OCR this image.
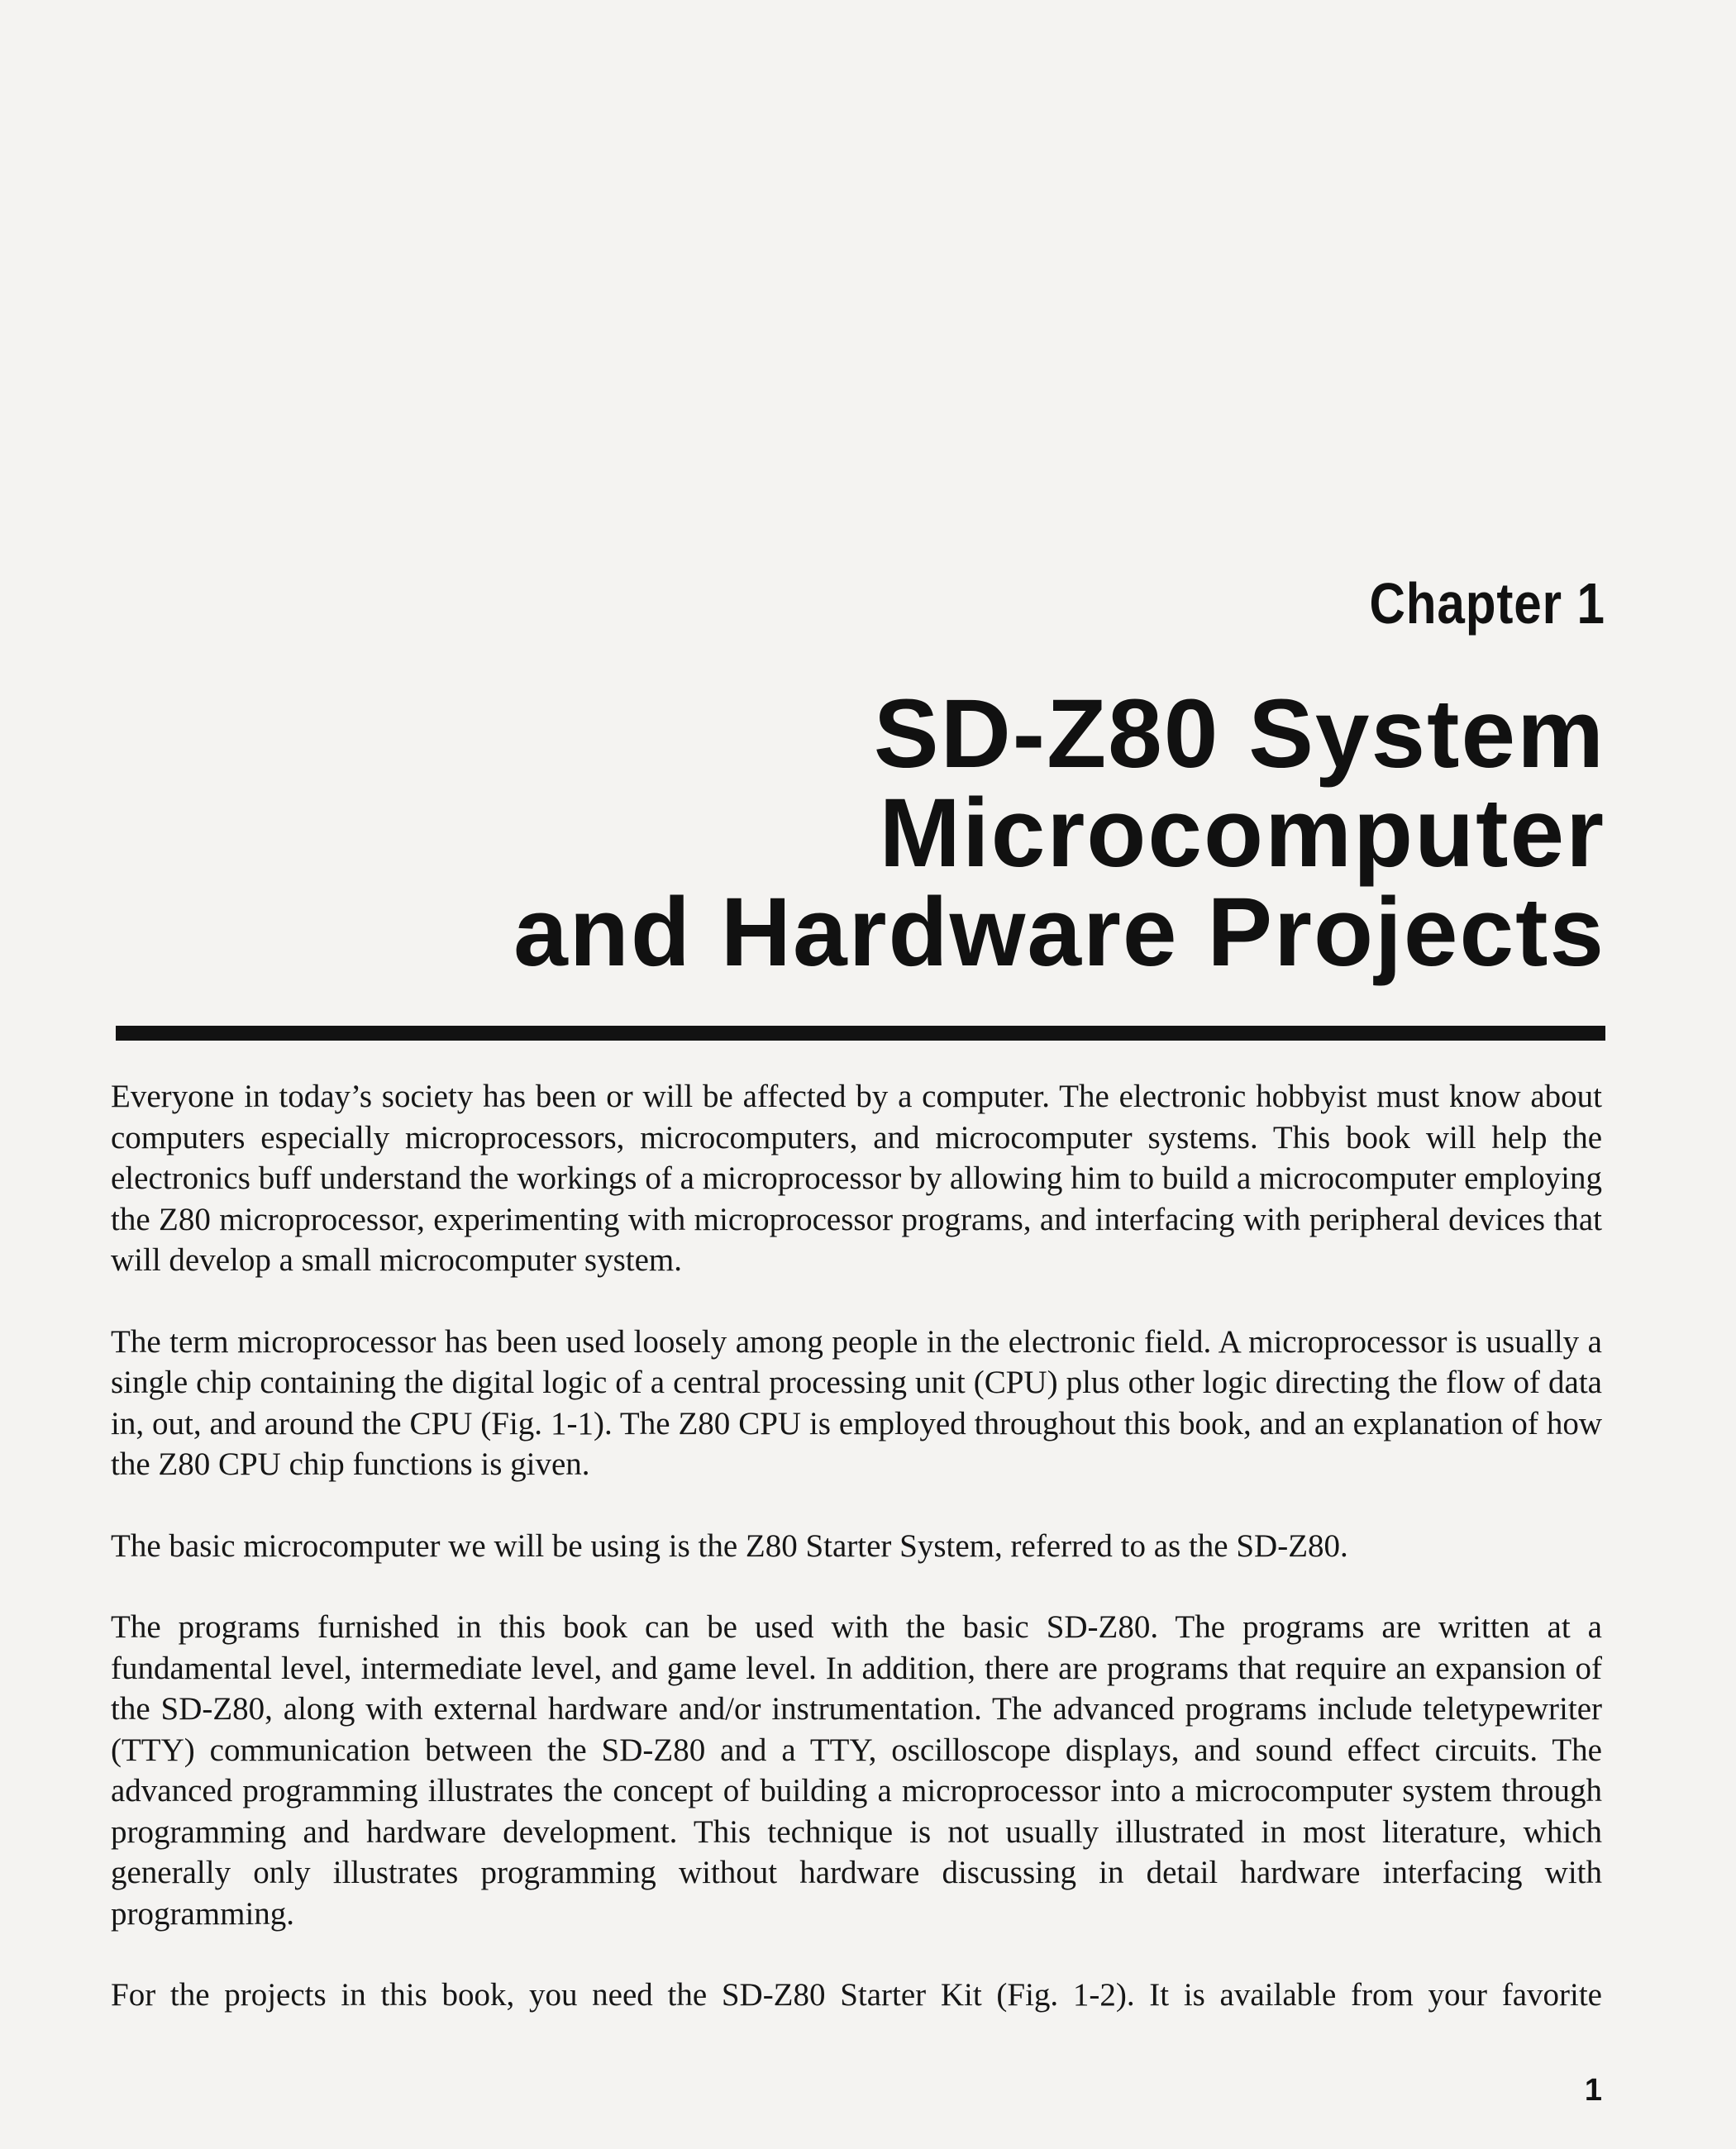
Chapter 1
SD-Z80 System
Microcomputer
and Hardware Projects

Everyone in today’s society has been or will be affected by a computer. The electronic hobbyist must know about computers especially microprocessors, microcomputers, and microcomputer systems. This book will help the electronics buff understand the workings of a microprocessor by allowing him to build a microcomputer employing the Z80 microprocessor, experimenting with microprocessor programs, and interfacing with peripheral devices that will develop a small microcomputer system.

The term microprocessor has been used loosely among people in the electronic field. A microprocessor is usually a single chip containing the digital logic of a central processing unit (CPU) plus other logic directing the flow of data in, out, and around the CPU (Fig. 1-1). The Z80 CPU is employed throughout this book, and an explanation of how the Z80 CPU chip functions is given.

The basic microcomputer we will be using is the Z80 Starter System, referred to as the SD-Z80.

The programs furnished in this book can be used with the basic SD-Z80. The programs are written at a fundamental level, intermediate level, and game level. In addition, there are programs that require an expansion of the SD-Z80, along with external hardware and/or instrumentation. The advanced programs include teletypewriter (TTY) communication between the SD-Z80 and a TTY, oscilloscope displays, and sound effect circuits. The advanced programming illustrates the concept of building a microprocessor into a microcomputer system through programming and hardware development. This technique is not usually illustrated in most literature, which generally only illustrates programming without hardware discussing in detail hardware interfacing with programming.

For the projects in this book, you need the SD-Z80 Starter Kit (Fig. 1-2). It is available from your favorite

1
